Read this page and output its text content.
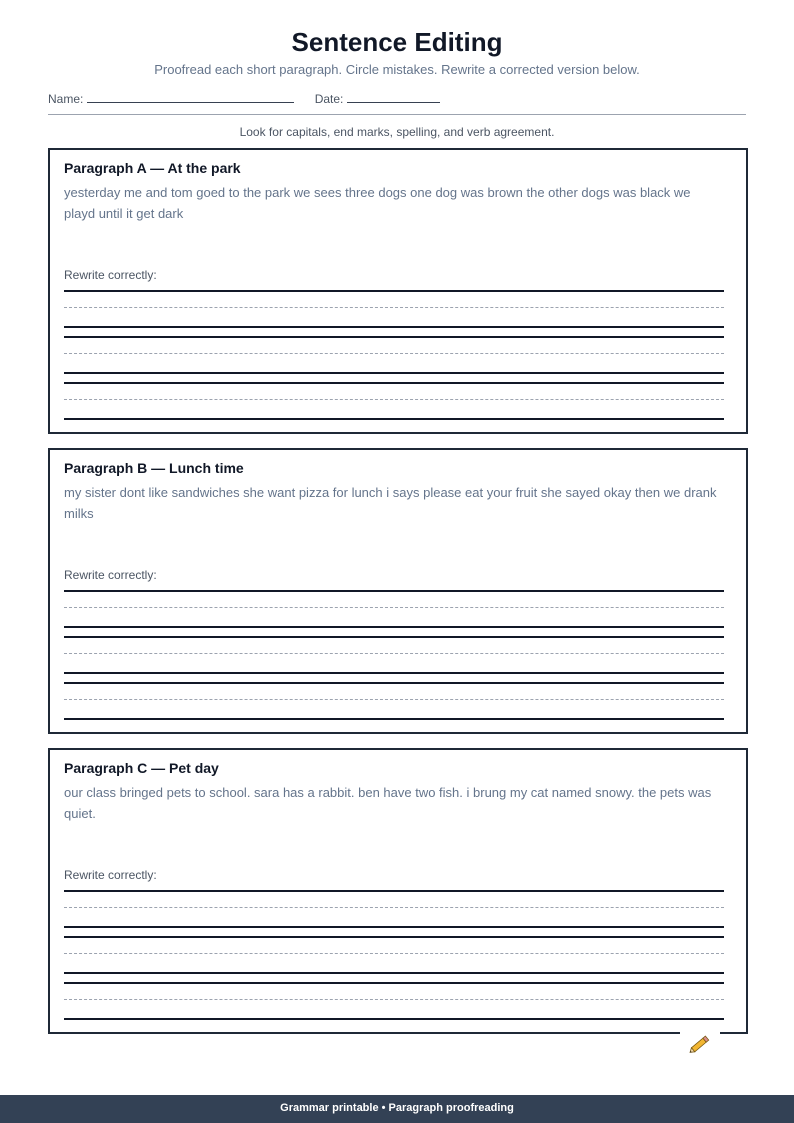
Sentence Editing
Proofread each short paragraph. Circle mistakes. Rewrite a corrected version below.
Name:	Date:
Look for capitals, end marks, spelling, and verb agreement.
Paragraph A — At the park
yesterday me and tom goed to the park we sees three dogs one dog was brown the other dogs was black we playd until it get dark
Rewrite correctly:
Paragraph B — Lunch time
my sister dont like sandwiches she want pizza for lunch i says please eat your fruit she sayed okay then we drank milks
Rewrite correctly:
Paragraph C — Pet day
our class bringed pets to school. sara has a rabbit. ben have two fish. i brung my cat named snowy. the pets was quiet.
Rewrite correctly:
Grammar printable • Paragraph proofreading
